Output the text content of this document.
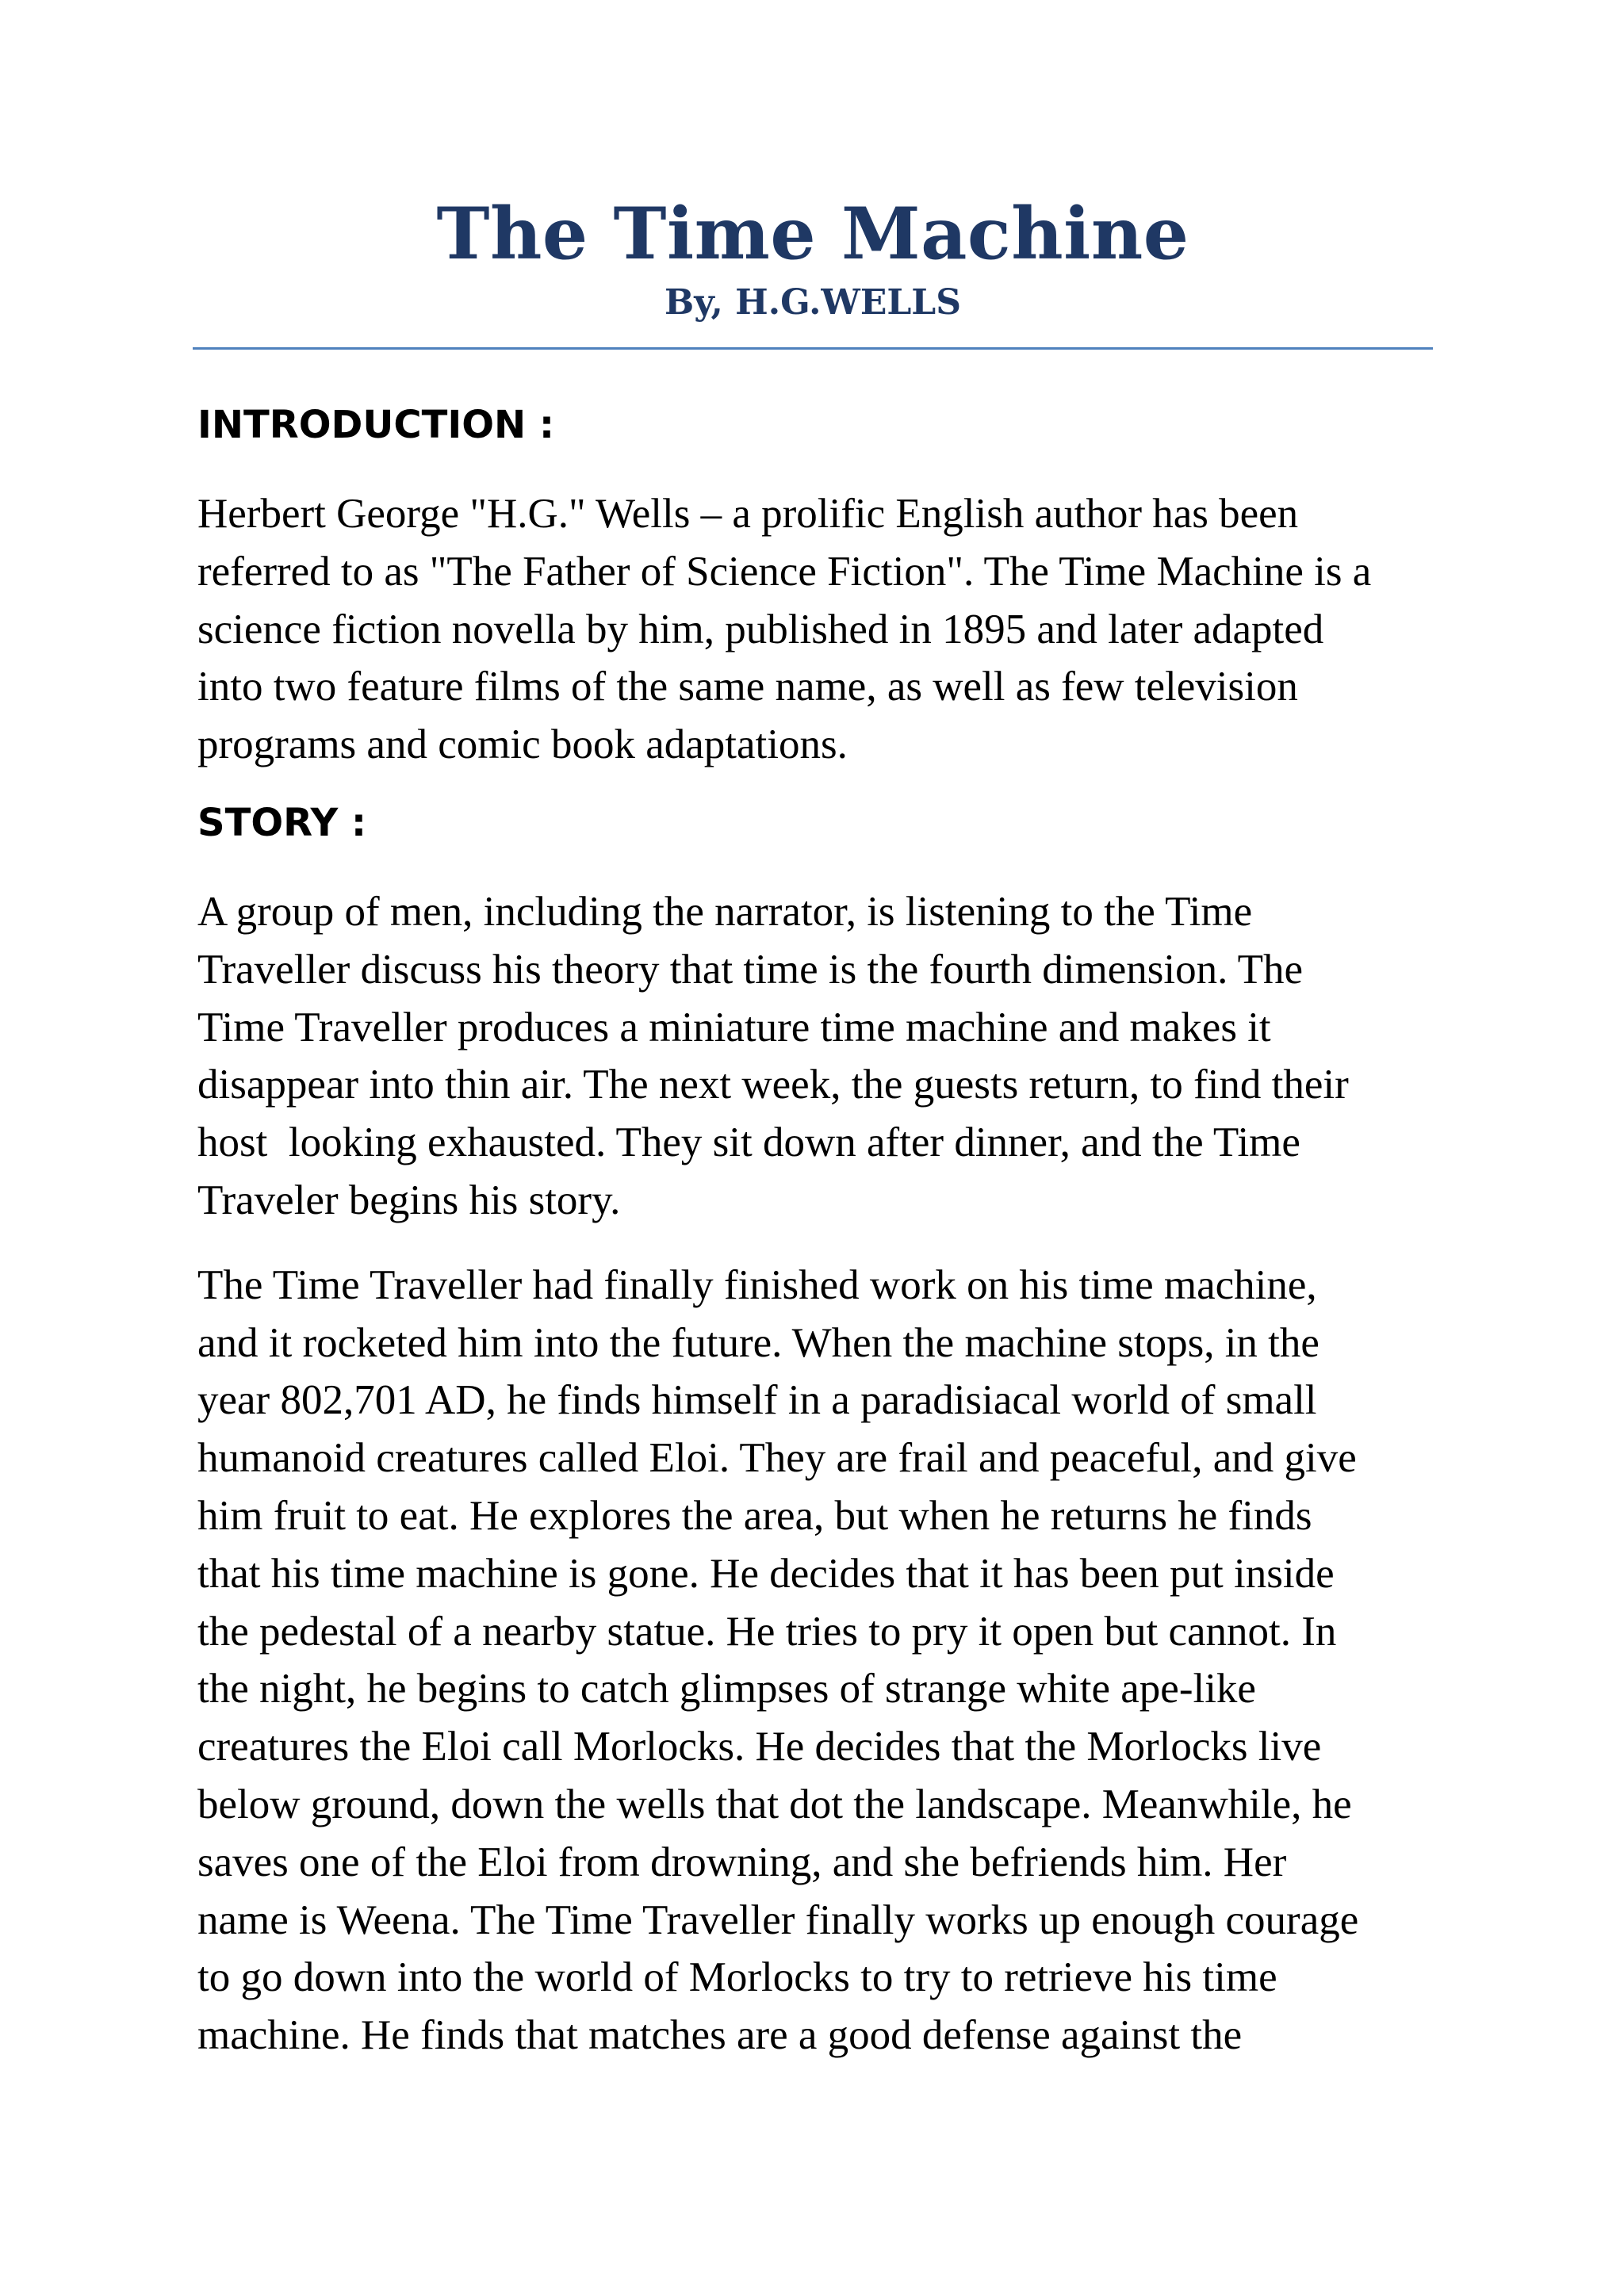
The Time Machine
By, H.G.WELLS
INTRODUCTION :

Herbert George "H.G." Wells – a prolific English author has been
referred to as "The Father of Science Fiction". The Time Machine is a
science fiction novella by him, published in 1895 and later adapted
into two feature films of the same name, as well as few television
programs and comic book adaptations.

STORY :

A group of men, including the narrator, is listening to the Time
Traveller discuss his theory that time is the fourth dimension. The
Time Traveller produces a miniature time machine and makes it
disappear into thin air. The next week, the guests return, to find their
host  looking exhausted. They sit down after dinner, and the Time
Traveler begins his story.

The Time Traveller had finally finished work on his time machine,
and it rocketed him into the future. When the machine stops, in the
year 802,701 AD, he finds himself in a paradisiacal world of small
humanoid creatures called Eloi. They are frail and peaceful, and give
him fruit to eat. He explores the area, but when he returns he finds
that his time machine is gone. He decides that it has been put inside
the pedestal of a nearby statue. He tries to pry it open but cannot. In
the night, he begins to catch glimpses of strange white ape-like
creatures the Eloi call Morlocks. He decides that the Morlocks live
below ground, down the wells that dot the landscape. Meanwhile, he
saves one of the Eloi from drowning, and she befriends him. Her
name is Weena. The Time Traveller finally works up enough courage
to go down into the world of Morlocks to try to retrieve his time
machine. He finds that matches are a good defense against the
